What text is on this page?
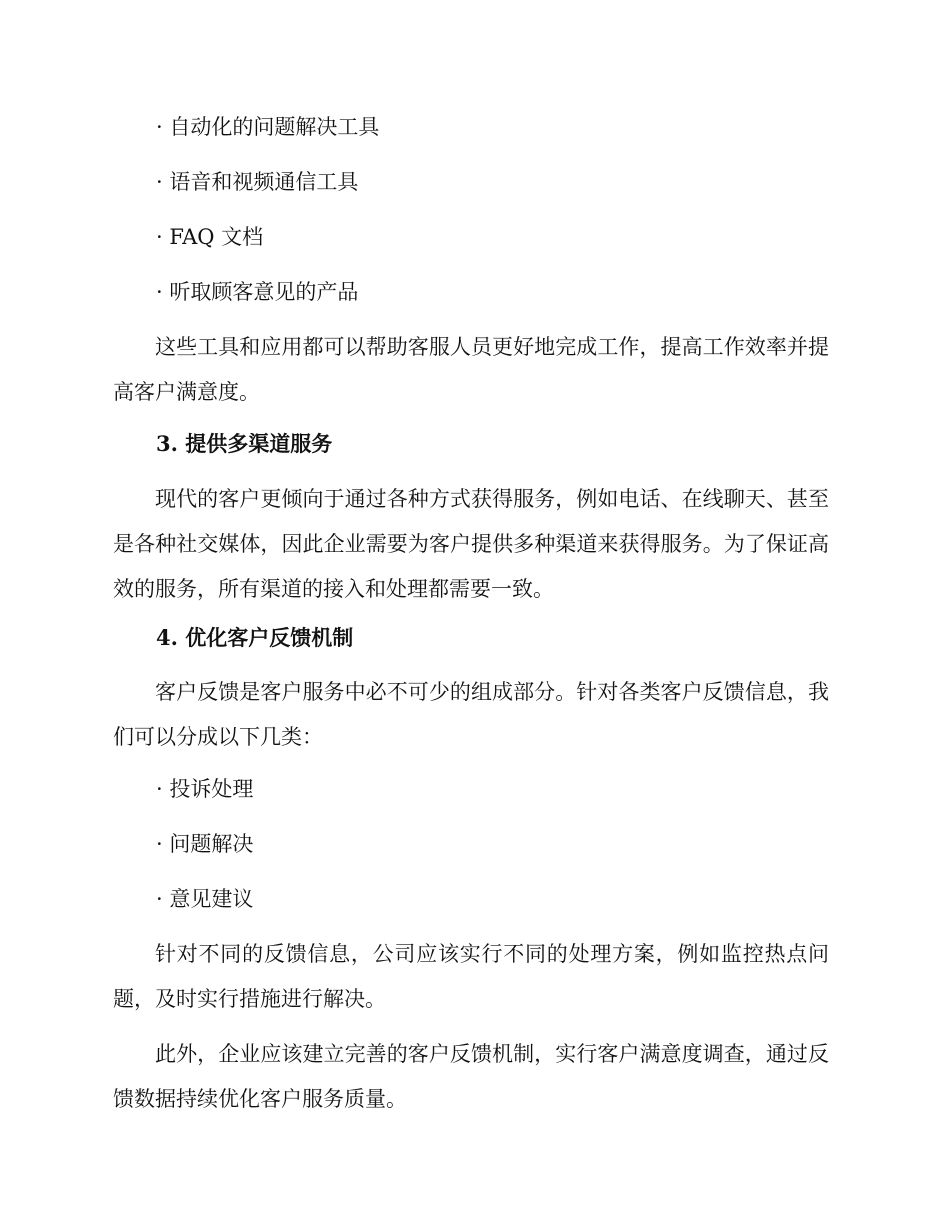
· 自动化的问题解决工具
· 语音和视频通信工具
· FAQ 文档
· 听取顾客意见的产品
这些工具和应用都可以帮助客服人员更好地完成工作，提高工作效率并提高客户满意度。
3. 提供多渠道服务
现代的客户更倾向于通过各种方式获得服务，例如电话、在线聊天、甚至是各种社交媒体，因此企业需要为客户提供多种渠道来获得服务。为了保证高效的服务，所有渠道的接入和处理都需要一致。
4. 优化客户反馈机制
客户反馈是客户服务中必不可少的组成部分。针对各类客户反馈信息，我们可以分成以下几类：
· 投诉处理
· 问题解决
· 意见建议
针对不同的反馈信息，公司应该实行不同的处理方案，例如监控热点问题，及时实行措施进行解决。
此外，企业应该建立完善的客户反馈机制，实行客户满意度调查，通过反馈数据持续优化客户服务质量。
